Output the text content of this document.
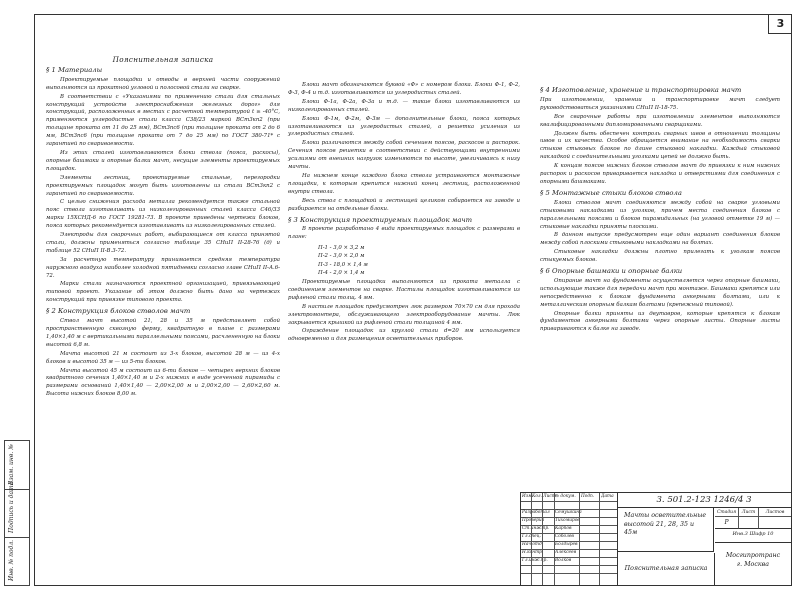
3
Инв. № подл.
Подпись и дата
Взам. инв. №
Пояснительная записка
§ 1 Материалы

Проектируемые площадки и отводы в верхней части сооружений выполняются из прокатной угловой и полосовой стали на сварке.

В соответствии с «Указаниями по применению стали для стальных конструкций устройств электроснабжения железных дорог» для конструкций, расположенных в местах с расчетной температурой t ≥ -40°С, применяются углеродистые стали класса С38/23 маркой ВСт3кп2 (при толщине проката от 11 до 25 мм), ВСт3пс6 (при толщине проката от 2 до 6 мм, ВСт3пс6 (при толщине проката от 7 до 25 мм) по ГОСТ 380-71* с гарантией по свариваемости.

Из этих сталей изготавливаются блоки ствола (пояса, раскосы), опорные башмаки и опорные балки мачт, несущие элементы проектируемых площадок.

Элементы лестниц, проектируемые стальные, перегородки проектируемых площадок могут быть изготовлены из стали ВСт3кп2 с гарантией по свариваемости.

С целью снижения расхода металла рекомендуется также стальной пояс ствола изготавливать из низколегированных сталей класса С46/33 марки 15ХСНД-6 по ГОСТ 19281-73. В проекте приведены чертежи блоков, пояса которых рекомендуется изготавливать из низколегированных сталей.

Электроды для сварочных работ, выбирающиеся от класса принятой стали, должны применяться согласно таблице 35 СНиП II-28-76 (д) и таблице 52 СНиП II-В.3-72.

За расчетную температуру принимается средняя температура наружного воздуха наиболее холодной пятидневки согласно главе СНиП II-А.6-72.

Марки стали назначаются проектной организацией, привязывающей типовой проект. Указание об этом должно быть дано на чертежах конструкций при привязке типового проекта.

§ 2 Конструкция блоков стволов мачт

Ствол мачт высотой 21, 28 и 35 м представляет собой пространственную сквозную ферму, квадратную в плане с размерами 1,40×1,40 м с вертикальными параллельными поясами, расчлененную на блоки высотой 6,8 м.

Мачта высотой 21 м состоит из 3-х блоков, высотой 28 м — из 4-х блоков и высотой 35 м — из 5-ти блоков.

Мачта высотой 45 м состоит из 6-ти блоков — четырех верхних блоков квадратного сечения 1,40×1,40 м и 2-х нижних в виде усеченной пирамиды с размерами оснований 1,40×1,40 — 2,00×2,00 м и 2,00×2,00 — 2,60×2,60 м. Высота нижних блоков 8,00 м.

Блоки мачт обозначаются буквой «Ф» с номером блока. Блоки Ф-1, Ф-2, Ф-3, Ф-4 и т.д. изготавливаются из углеродистых сталей.

Блоки Ф-1а, Ф-2а, Ф-3а и т.д. — такие блоки изготавливаются из низколегированных сталей.

Блоки Ф-1м, Ф-2м, Ф-3м — дополнительные блоки, пояса которых изготавливаются из углеродистых сталей, а решетка усиления из углеродистых сталей.

Блоки различаются между собой сечением поясов, раскосов и распорок. Сечения поясов решетки в соответствии с действующими внутренними усилиями от внешних нагрузок изменяются по высоте, увеличиваясь к низу мачты.

На нижнем конце каждого блока ствола устраиваются монтажные площадки, к которым крепится нижний конец лестниц, расположенной внутри ствола.

Весь ствол с площадкой и лестницей целиком собирается на заводе и разбирается на отдельные блоки.

§ 3 Конструкция проектируемых площадок мачт

В проекте разработано 4 вида проектируемых площадок с размерами в плане:

П-1 - 3,0 × 3,2 м
П-2 - 3,0 × 2,0 м
П-3 - 18,0 × 1,4 м
П-4 - 2,0 × 1,4 м

Проектируемые площадки выполняются из проката металла с соединением элементов на сварке. Настилы площадок изготавливаются из рифленой стали толщ. 4 мм.

В настиле площадок предусмотрен люк размером 70×70 см для прохода электромонтера, обслуживающего электрооборудование мачты. Люк закрывается крышкой из рифленой стали толщиной 4 мм.

Ограждение площадок из круглой стали d=20 мм используется одновременно и для размещения осветительных приборов.

§ 4 Изготовление, хранение и транспортировка мачт

При изготовлении, хранении и транспортировке мачт следует руководствоваться указаниями СНиП II-18-75.

Все сварочные работы при изготовлении элементов выполняются квалифицированными дипломированными сварщиками.

Должен быть обеспечен контроль сварных швов в отношении толщины швов и их качества. Особое обращается внимание на необходимость сварки стыков стыковых блоков по длине стыковой накладки. Каждый стыковой накладкой с соединительными уголками цепей не должно быть.

К концам поясов нижних блоков стволов мачт до привязки к ним нижних распорок и раскосов приваривается накладка и отверстиями для соединения с опорными башмаками.

§ 5 Монтажные стыки блоков ствола

Блоки стволов мачт соединяются между собой на сварке угловыми стыковыми накладками из уголков, причем места соединения блоков с параллельными поясами и блоков пирамидальных (на угловой отметке 19 м) — стыковые накладки приняты плоскими.

В данном выпуске предусмотрен еще один вариант соединения блоков между собой плоскими стыковыми накладками на болтах.

Стыковые накладки должны плотно прилегать к уголкам поясов стыкуемых блоков.

§ 6 Опорные башмаки и опорные балки

Опирание мачт на фундаменты осуществляется через опорные башмаки, использующие также для передачи мачт при монтаже. Башмаки крепятся или непосредственно к блокам фундамента анкерными болтами, или к металлическим опорным балкам болтами (крепежный типовой).

Опорные балки приняты из двутавров, которые крепятся к блокам фундаментов анкерными болтами через опорные листы. Опорные листы привариваются к балке на заводе.

Изм.
Кол. Лист № докум. Подп. Дата
Разработал Семушкина
Проверил Тихомиров
Ст.инж.пр. Карпов
Гл.спец.	Соболев
Нач.отд.	Болдырев
Н.контр.	Алексеев
Гл.инж.пр. Волков
3. 501.2-123 1246/4 3
Мачты осветительные
высотой 21, 28, 35 и 45м
Пояснительная записка
Стадия	Лист	Листов
Р
Инв.3 Шифр 10
Мосгипротранс
г. Москва
